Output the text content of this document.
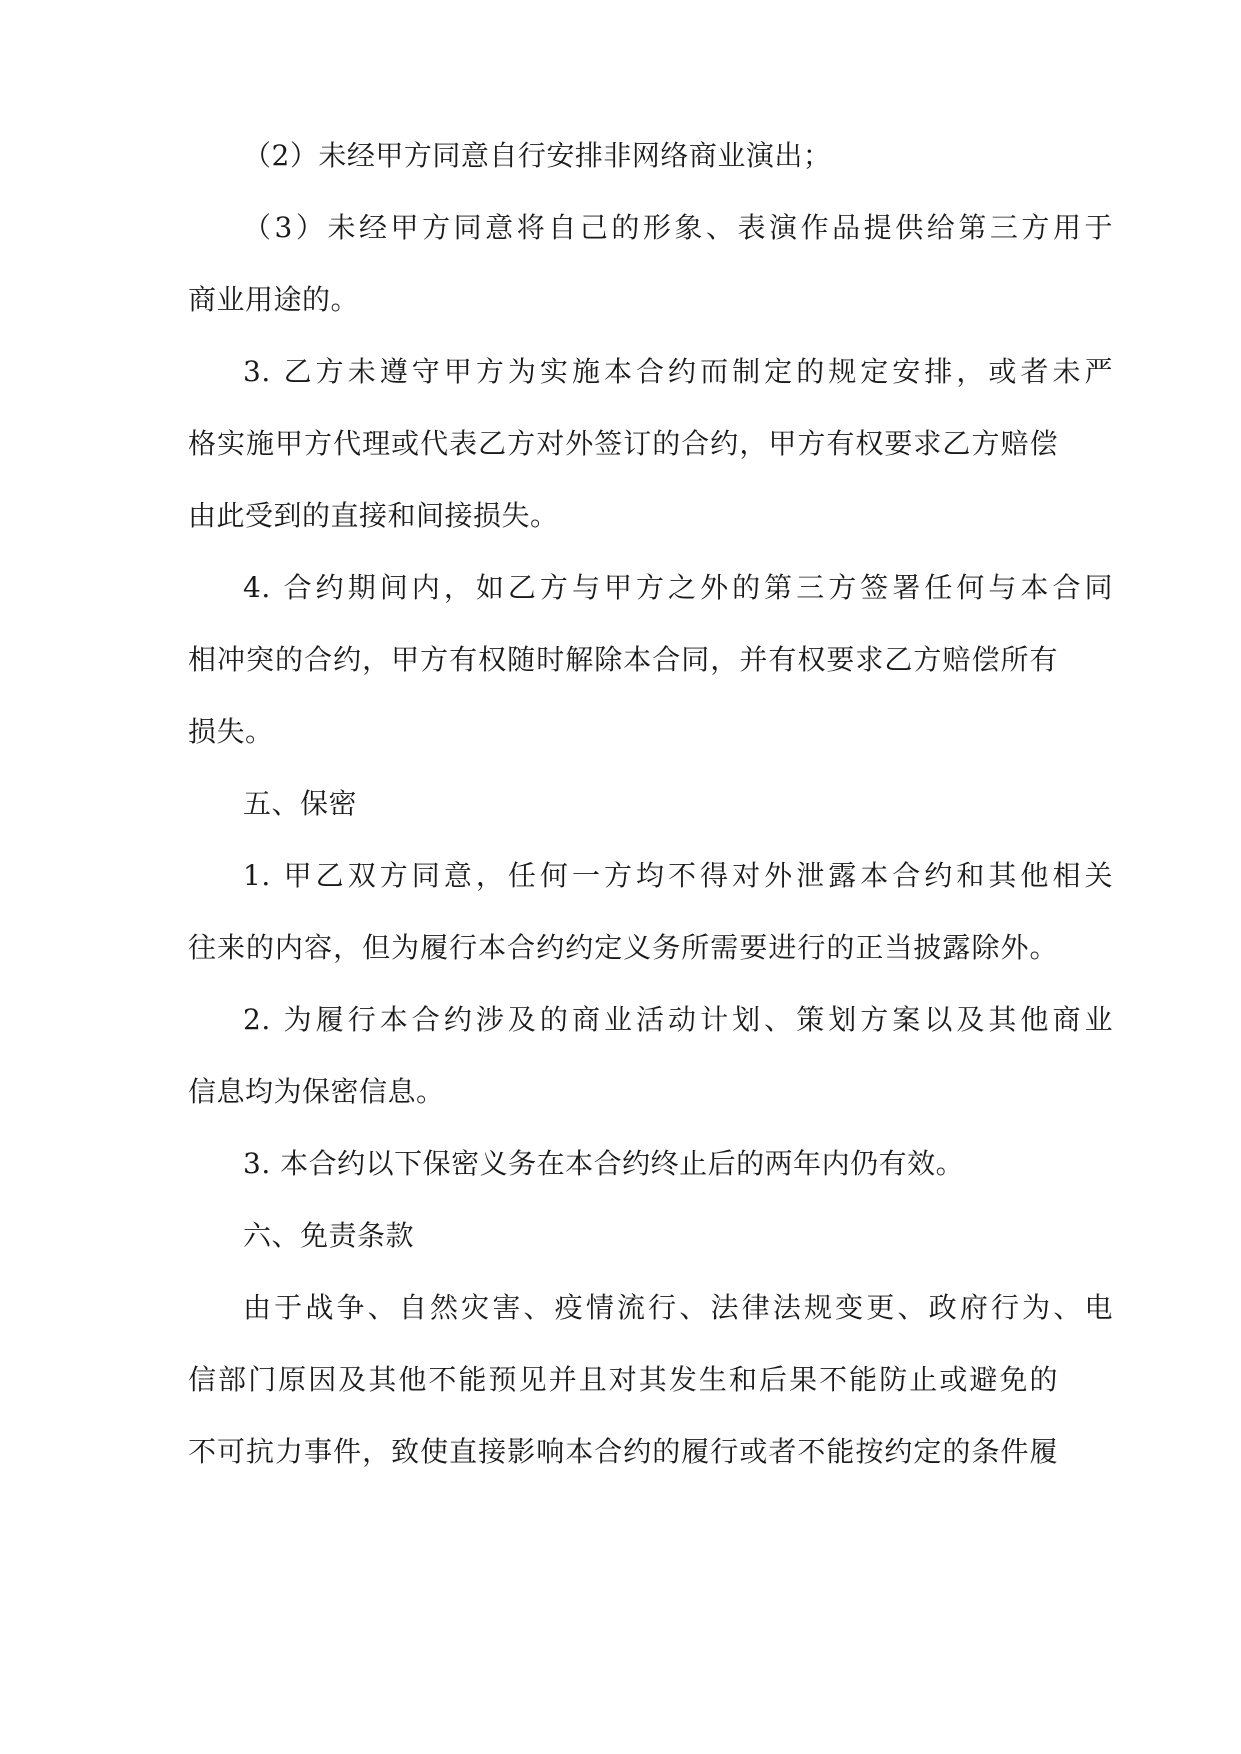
（2）未经甲方同意自行安排非网络商业演出；
（3）未经甲方同意将自己的形象、表演作品提供给第三方用于
商业用途的。
3. 乙方未遵守甲方为实施本合约而制定的规定安排，或者未严
格实施甲方代理或代表乙方对外签订的合约，甲方有权要求乙方赔偿
由此受到的直接和间接损失。
4. 合约期间内，如乙方与甲方之外的第三方签署任何与本合同
相冲突的合约，甲方有权随时解除本合同，并有权要求乙方赔偿所有
损失。
五、保密
1. 甲乙双方同意，任何一方均不得对外泄露本合约和其他相关
往来的内容，但为履行本合约约定义务所需要进行的正当披露除外。
2. 为履行本合约涉及的商业活动计划、策划方案以及其他商业
信息均为保密信息。
3. 本合约以下保密义务在本合约终止后的两年内仍有效。
六、免责条款
由于战争、自然灾害、疫情流行、法律法规变更、政府行为、电
信部门原因及其他不能预见并且对其发生和后果不能防止或避免的
不可抗力事件，致使直接影响本合约的履行或者不能按约定的条件履
